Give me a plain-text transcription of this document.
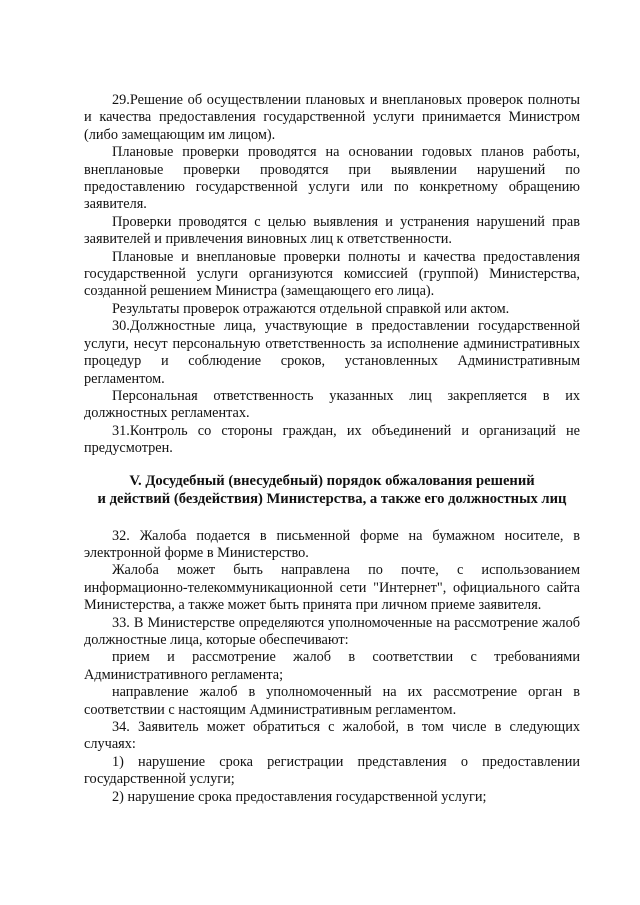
29.Решение об осуществлении плановых и внеплановых проверок полноты и качества предоставления государственной услуги принимается Министром (либо замещающим им лицом).

Плановые проверки проводятся на основании годовых планов работы, внеплановые проверки проводятся при выявлении нарушений по предоставлению государственной услуги или по конкретному обращению заявителя.

Проверки проводятся с целью выявления и устранения нарушений прав заявителей и привлечения виновных лиц к ответственности.

Плановые и внеплановые проверки полноты и качества предоставления государственной услуги организуются комиссией (группой) Министерства, созданной решением Министра (замещающего его лица).

Результаты проверок отражаются отдельной справкой или актом.

30.Должностные лица, участвующие в предоставлении государственной услуги, несут персональную ответственность за исполнение административных процедур и соблюдение сроков, установленных Административным регламентом.

Персональная ответственность указанных лиц закрепляется в их должностных регламентах.

31.Контроль со стороны граждан, их объединений и организаций не предусмотрен.

V. Досудебный (внесудебный) порядок обжалования решений
и действий (бездействия) Министерства, а также его должностных лиц

32. Жалоба подается в письменной форме на бумажном носителе, в электронной форме в Министерство.

Жалоба может быть направлена по почте, с использованием информационно-телекоммуникационной сети "Интернет", официального сайта Министерства, а также может быть принята при личном приеме заявителя.

33. В Министерстве определяются уполномоченные на рассмотрение жалоб должностные лица, которые обеспечивают:

прием и рассмотрение жалоб в соответствии с требованиями Административного регламента;

направление жалоб в уполномоченный на их рассмотрение орган в соответствии с настоящим Административным регламентом.

34. Заявитель может обратиться с жалобой, в том числе в следующих случаях:

1) нарушение срока регистрации представления о предоставлении государственной услуги;

2) нарушение срока предоставления государственной услуги;
